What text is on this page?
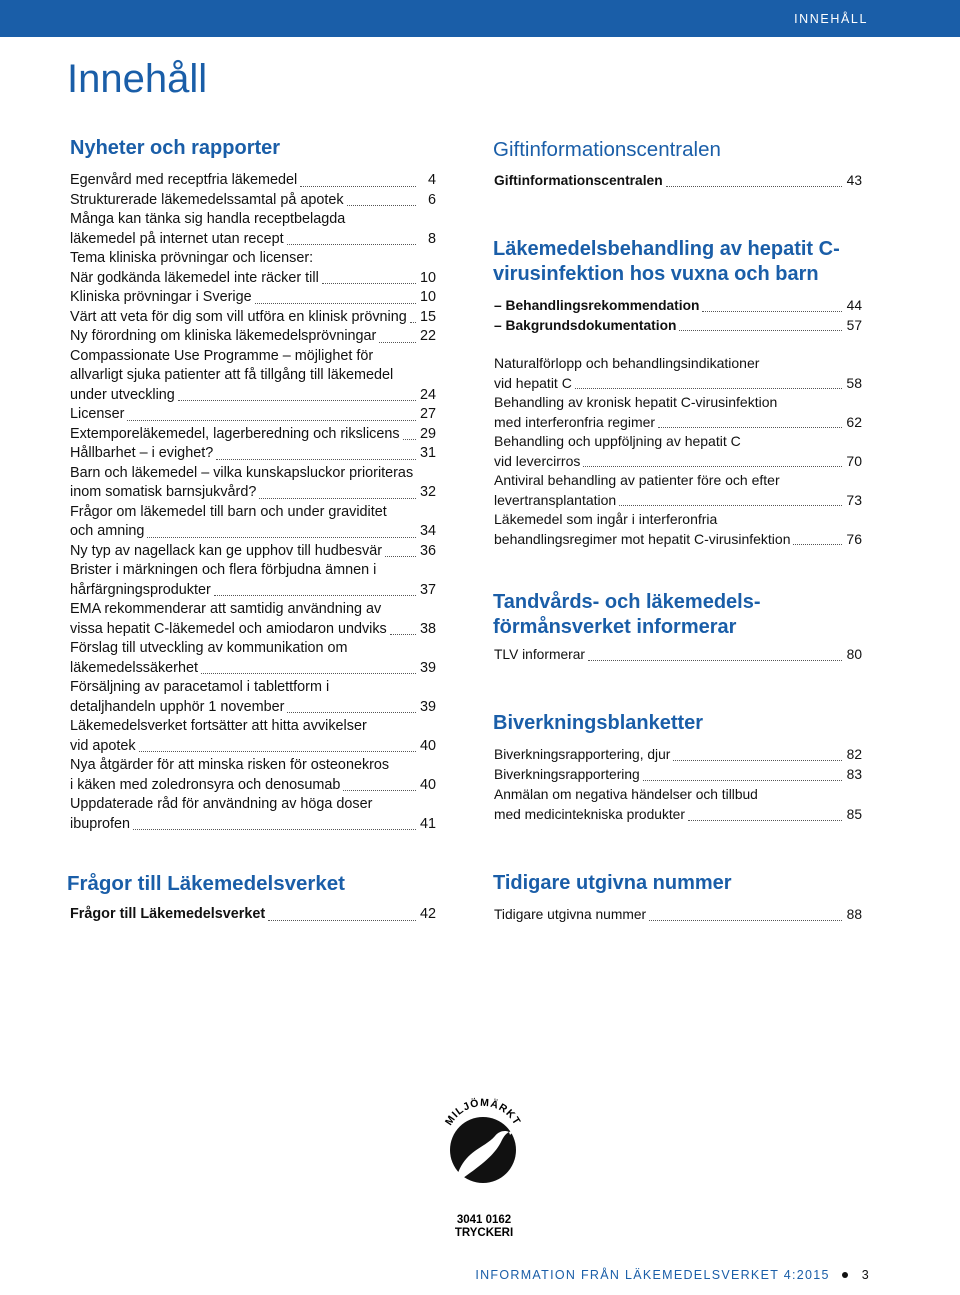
INNEHÅLL
Innehåll
Nyheter och rapporter
Egenvård med receptfria läkemedel	4
Strukturerade läkemedelssamtal på apotek	6
Många kan tänka sig handla receptbelagda
läkemedel på internet utan recept	8
Tema kliniska prövningar och licenser:
När godkända läkemedel inte räcker till	10
Kliniska prövningar i Sverige	10
Värt att veta för dig som vill utföra en klinisk prövning 15
Ny förordning om kliniska läkemedelsprövningar	22
Compassionate Use Programme – möjlighet för
allvarligt sjuka patienter att få tillgång till läkemedel
under utveckling	24
Licenser	27
Extemporeläkemedel, lagerberedning och rikslicens 29
Hållbarhet – i evighet?	31
Barn och läkemedel – vilka kunskapsluckor prioriteras
inom somatisk barnsjukvård?	32
Frågor om läkemedel till barn och under graviditet
och amning	34
Ny typ av nagellack kan ge upphov till hudbesvär	36
Brister i märkningen och flera förbjudna ämnen i
hårfärgningsprodukter	37
EMA rekommenderar att samtidig användning av
vissa hepatit C-läkemedel och amiodaron undviks 38
Förslag till utveckling av kommunikation om
läkemedelssäkerhet	39
Försäljning av paracetamol i tablettform i
detaljhandeln upphör 1 november	39
Läkemedelsverket fortsätter att hitta avvikelser
vid apotek	40
Nya åtgärder för att minska risken för osteonekros
i käken med zoledronsyra och denosumab	40
Uppdaterade råd för användning av höga doser
ibuprofen	41
Frågor till Läkemedelsverket
Frågor till Läkemedelsverket	42
Giftinformationscentralen
Giftinformationscentralen	43
Läkemedelsbehandling av hepatit C-
virusinfektion hos vuxna och barn
– Behandlingsrekommendation	44
– Bakgrundsdokumentation	57
Naturalförlopp och behandlingsindikationer
vid hepatit C	58
Behandling av kronisk hepatit C-virusinfektion
med interferonfria regimer	62
Behandling och uppföljning av hepatit C
vid levercirros	70
Antiviral behandling av patienter före och efter
levertransplantation	73
Läkemedel som ingår i interferonfria
behandlingsregimer mot hepatit C-virusinfektion	76
Tandvårds- och läkemedels-
förmånsverket informerar
TLV informerar	80
Biverkningsblanketter
Biverkningsrapportering, djur	82
Biverkningsrapportering	83
Anmälan om negativa händelser och tillbud
med medicintekniska produkter	85
Tidigare utgivna nummer
Tidigare utgivna nummer	88
MILJÖMÄRKT
3041 0162
TRYCKERI
INFORMATION FRÅN LÄKEMEDELSVERKET 4:2015	3
